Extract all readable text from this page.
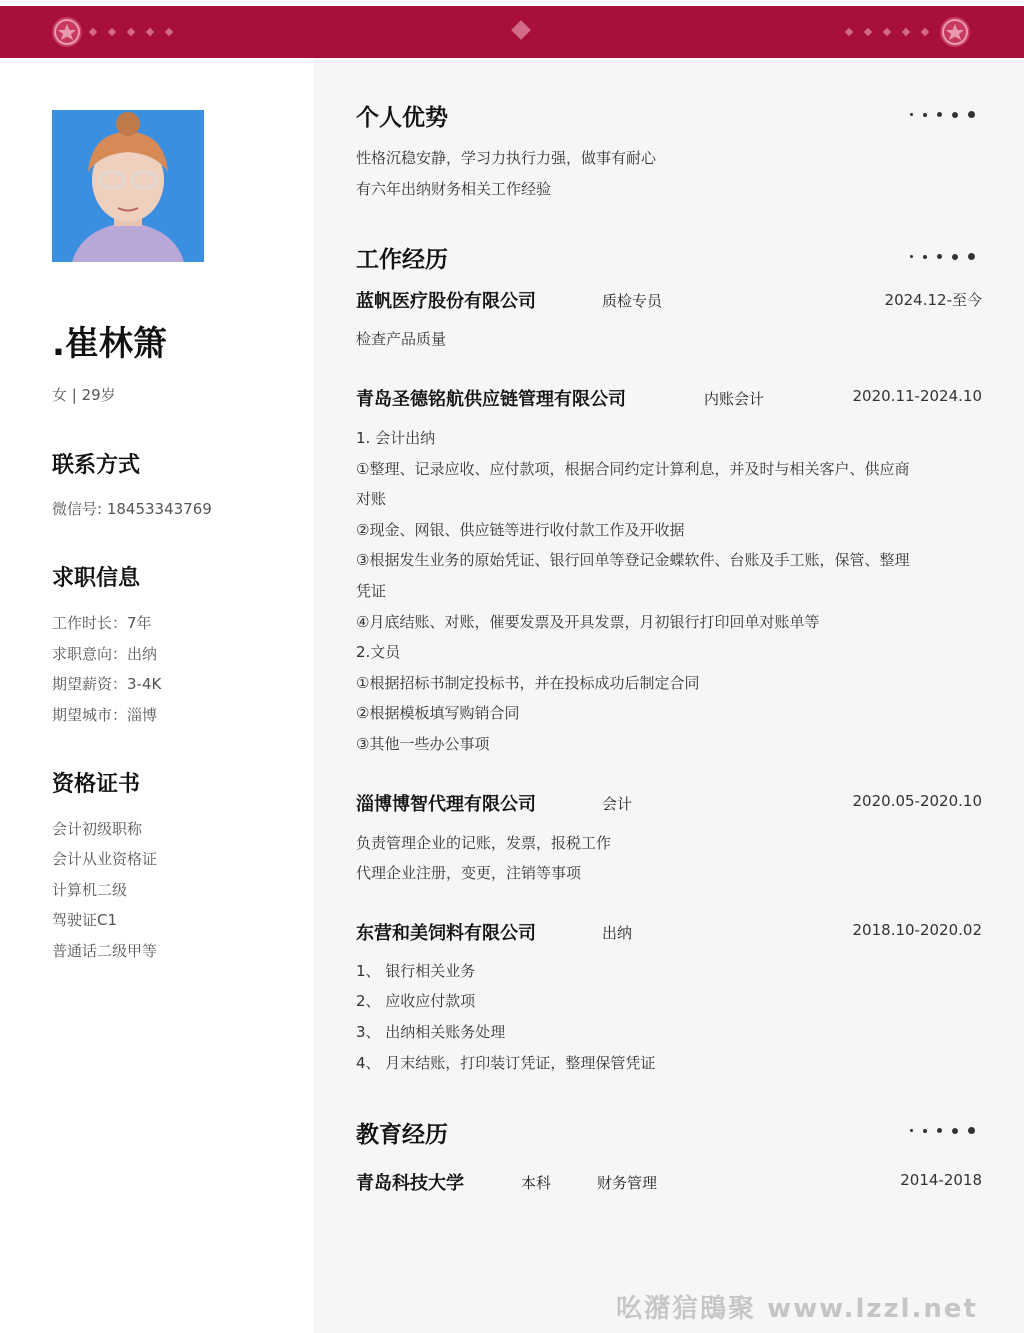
.崔林箫
女 | 29岁
联系方式
微信号: 18453343769
求职信息
工作时长：7年
求职意向：出纳
期望薪资：3-4K
期望城市：淄博
资格证书
会计初级职称
会计从业资格证
计算机二级
驾驶证C1
普通话二级甲等
个人优势
性格沉稳安静，学习力执行力强，做事有耐心
有六年出纳财务相关工作经验
工作经历
蓝帆医疗股份有限公司	质检专员	2024.12-至今
检查产品质量
青岛圣德铭航供应链管理有限公司	内账会计	2020.11-2024.10
1. 会计出纳
①整理、记录应收、应付款项，根据合同约定计算利息，并及时与相关客户、供应商
对账
②现金、网银、供应链等进行收付款工作及开收据
③根据发生业务的原始凭证、银行回单等登记金蝶软件、台账及手工账，保管、整理
凭证
④月底结账、对账，催要发票及开具发票，月初银行打印回单对账单等
2.文员
①根据招标书制定投标书，并在投标成功后制定合同
②根据模板填写购销合同
③其他一些办公事项
淄博博智代理有限公司	会计	2020.05-2020.10
负责管理企业的记账，发票，报税工作
代理企业注册，变更，注销等事项
东营和美饲料有限公司	出纳	2018.10-2020.02
1、 银行相关业务
2、 应收应付款项
3、 出纳相关账务处理
4、 月末结账，打印装订凭证，整理保管凭证
教育经历
青岛科技大学	本科	财务管理	2014-2018
吆潴狺鴖聚 www.lzzl.net
